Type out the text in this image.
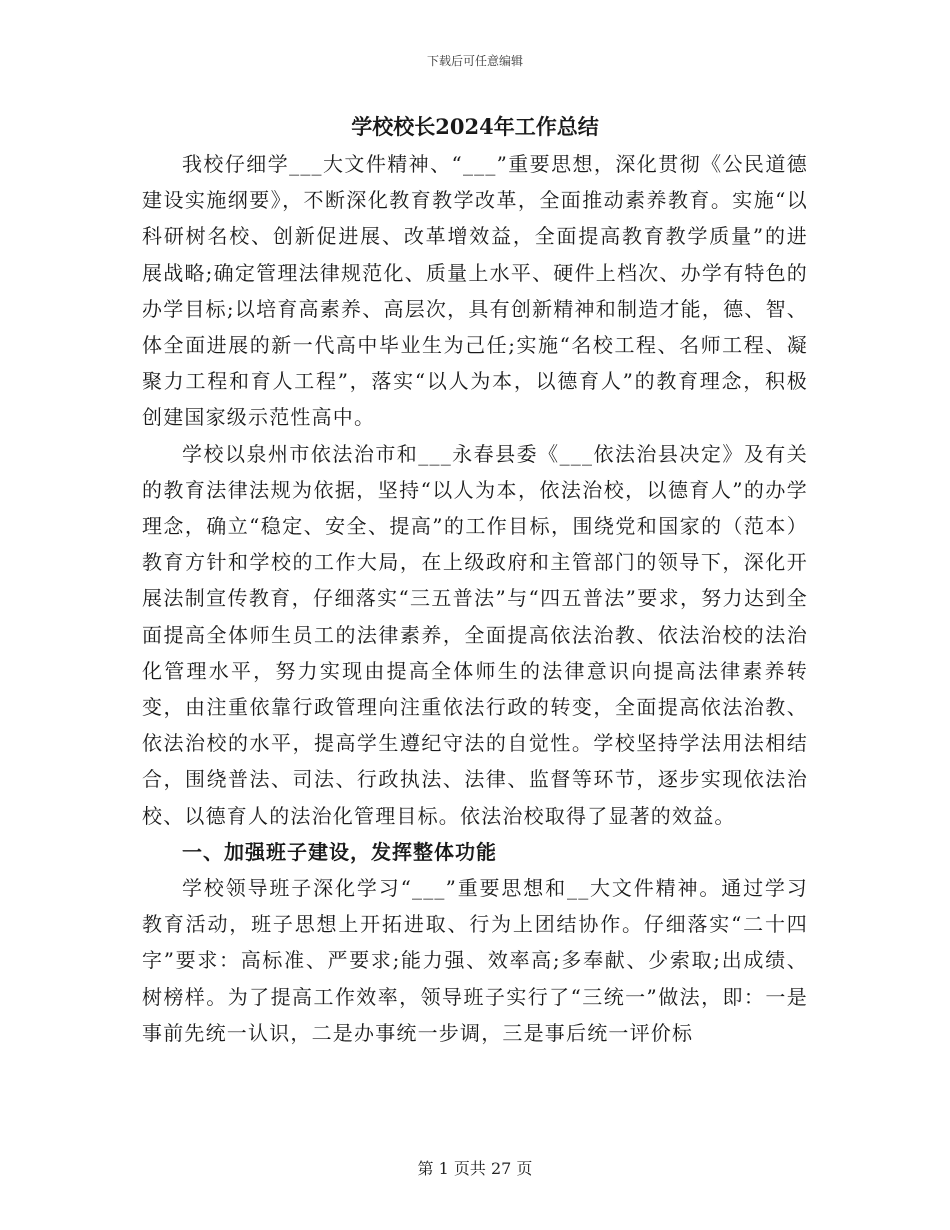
下载后可任意编辑
学校校长2024年工作总结

我校仔细学___大文件精神、“___”重要思想，深化贯彻《公民道德建设实施纲要》，不断深化教育教学改革，全面推动素养教育。实施“以科研树名校、创新促进展、改革增效益，全面提高教育教学质量”的进展战略;确定管理法律规范化、质量上水平、硬件上档次、办学有特色的办学目标;以培育高素养、高层次，具有创新精神和制造才能，德、智、体全面进展的新一代高中毕业生为己任;实施“名校工程、名师工程、凝聚力工程和育人工程”，落实“以人为本，以德育人”的教育理念，积极创建国家级示范性高中。

学校以泉州市依法治市和___永春县委《___依法治县决定》及有关的教育法律法规为依据，坚持“以人为本，依法治校，以德育人”的办学理念，确立“稳定、安全、提高”的工作目标，围绕党和国家的（范本）教育方针和学校的工作大局，在上级政府和主管部门的领导下，深化开展法制宣传教育，仔细落实“三五普法”与“四五普法”要求，努力达到全面提高全体师生员工的法律素养，全面提高依法治教、依法治校的法治化管理水平，努力实现由提高全体师生的法律意识向提高法律素养转变，由注重依靠行政管理向注重依法行政的转变，全面提高依法治教、依法治校的水平，提高学生遵纪守法的自觉性。学校坚持学法用法相结合，围绕普法、司法、行政执法、法律、监督等环节，逐步实现依法治校、以德育人的法治化管理目标。依法治校取得了显著的效益。

一、加强班子建设，发挥整体功能

学校领导班子深化学习“___”重要思想和__大文件精神。通过学习教育活动，班子思想上开拓进取、行为上团结协作。仔细落实“二十四字”要求：高标准、严要求;能力强、效率高;多奉献、少索取;出成绩、树榜样。为了提高工作效率，领导班子实行了“三统一”做法，即：一是事前先统一认识，二是办事统一步调，三是事后统一评价标

第 1 页共 27 页
